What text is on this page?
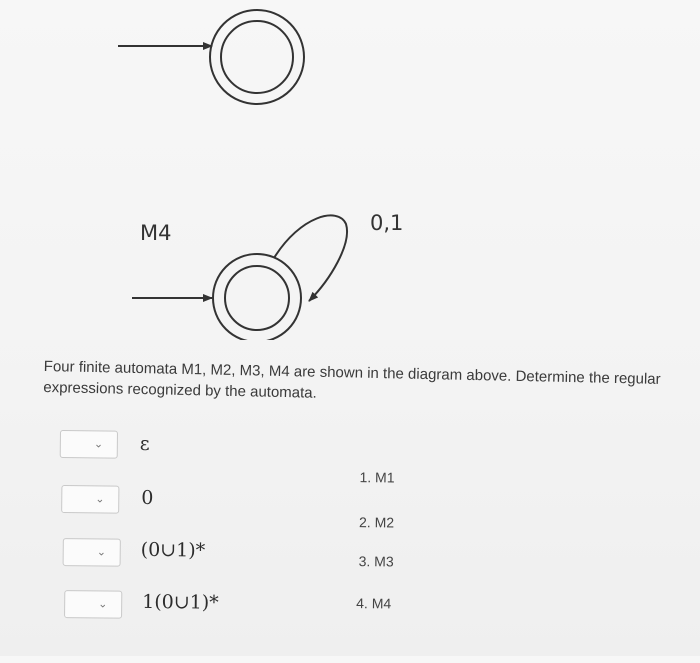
M4	0,1
Four finite automata M1, M2, M3, M4 are shown in the diagram above. Determine the regular expressions recognized by the automata.
⌄ ε
⌄ 0
⌄ (0∪1)*
⌄ 1(0∪1)*
1. M1
2. M2
3. M3
4. M4
